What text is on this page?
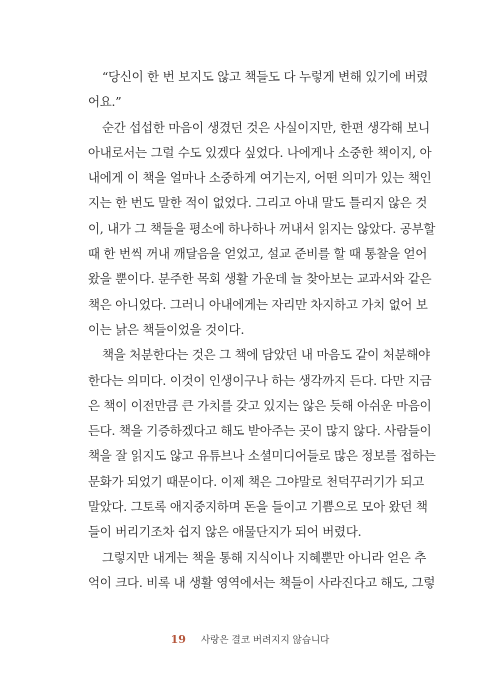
“당신이 한 번 보지도 않고 책들도 다 누렇게 변해 있기에 버렸
어요.”
순간 섭섭한 마음이 생겼던 것은 사실이지만, 한편 생각해 보니
아내로서는 그럴 수도 있겠다 싶었다. 나에게나 소중한 책이지, 아
내에게 이 책을 얼마나 소중하게 여기는지, 어떤 의미가 있는 책인
지는 한 번도 말한 적이 없었다. 그리고 아내 말도 틀리지 않은 것
이, 내가 그 책들을 평소에 하나하나 꺼내서 읽지는 않았다. 공부할
때 한 번씩 꺼내 깨달음을 얻었고, 설교 준비를 할 때 통찰을 얻어
왔을 뿐이다. 분주한 목회 생활 가운데 늘 찾아보는 교과서와 같은
책은 아니었다. 그러니 아내에게는 자리만 차지하고 가치 없어 보
이는 낡은 책들이었을 것이다.
책을 처분한다는 것은 그 책에 담았던 내 마음도 같이 처분해야
한다는 의미다. 이것이 인생이구나 하는 생각까지 든다. 다만 지금
은 책이 이전만큼 큰 가치를 갖고 있지는 않은 듯해 아쉬운 마음이
든다. 책을 기증하겠다고 해도 받아주는 곳이 많지 않다. 사람들이
책을 잘 읽지도 않고 유튜브나 소셜미디어들로 많은 정보를 접하는
문화가 되었기 때문이다. 이제 책은 그야말로 천덕꾸러기가 되고
말았다. 그토록 애지중지하며 돈을 들이고 기쁨으로 모아 왔던 책
들이 버리기조차 쉽지 않은 애물단지가 되어 버렸다.
그렇지만 내게는 책을 통해 지식이나 지혜뿐만 아니라 얻은 추
억이 크다. 비록 내 생활 영역에서는 책들이 사라진다고 해도, 그렇
19 사랑은 결코 버려지지 않습니다
